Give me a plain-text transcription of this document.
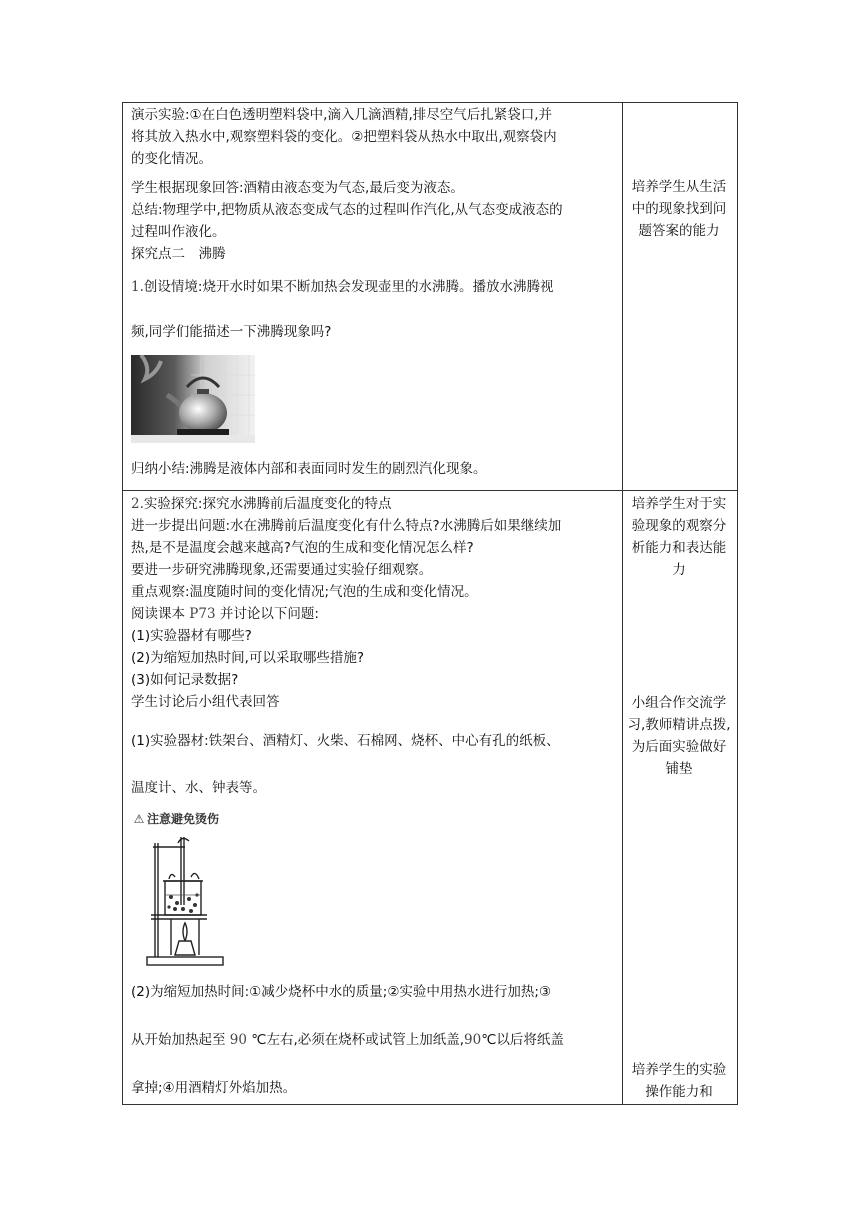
演示实验:①在白色透明塑料袋中,滴入几滴酒精,排尽空气后扎紧袋口,并
将其放入热水中,观察塑料袋的变化。②把塑料袋从热水中取出,观察袋内
的变化情况。
学生根据现象回答:酒精由液态变为气态,最后变为液态。
总结:物理学中,把物质从液态变成气态的过程叫作汽化,从气态变成液态的
过程叫作液化。
探究点二　沸腾
1.创设情境:烧开水时如果不断加热会发现壶里的水沸腾。播放水沸腾视
频,同学们能描述一下沸腾现象吗?
归纳小结:沸腾是液体内部和表面同时发生的剧烈汽化现象。
培养学生从生活中的现象找到问题答案的能力
2.实验探究:探究水沸腾前后温度变化的特点
进一步提出问题:水在沸腾前后温度变化有什么特点?水沸腾后如果继续加
热,是不是温度会越来越高?气泡的生成和变化情况怎么样?
要进一步研究沸腾现象,还需要通过实验仔细观察。
重点观察:温度随时间的变化情况;气泡的生成和变化情况。
阅读课本 P73 并讨论以下问题:
(1)实验器材有哪些?
(2)为缩短加热时间,可以采取哪些措施?
(3)如何记录数据?
学生讨论后小组代表回答
(1)实验器材:铁架台、酒精灯、火柴、石棉网、烧杯、中心有孔的纸板、
温度计、水、钟表等。
⚠ 注意避免烫伤
(2)为缩短加热时间:①减少烧杯中水的质量;②实验中用热水进行加热;③
从开始加热起至 90 ℃左右,必须在烧杯或试管上加纸盖,90℃以后将纸盖
拿掉;④用酒精灯外焰加热。
培养学生对于实验现象的观察分析能力和表达能力
小组合作交流学习,教师精讲点拨,为后面实验做好铺垫
培养学生的实验操作能力和
